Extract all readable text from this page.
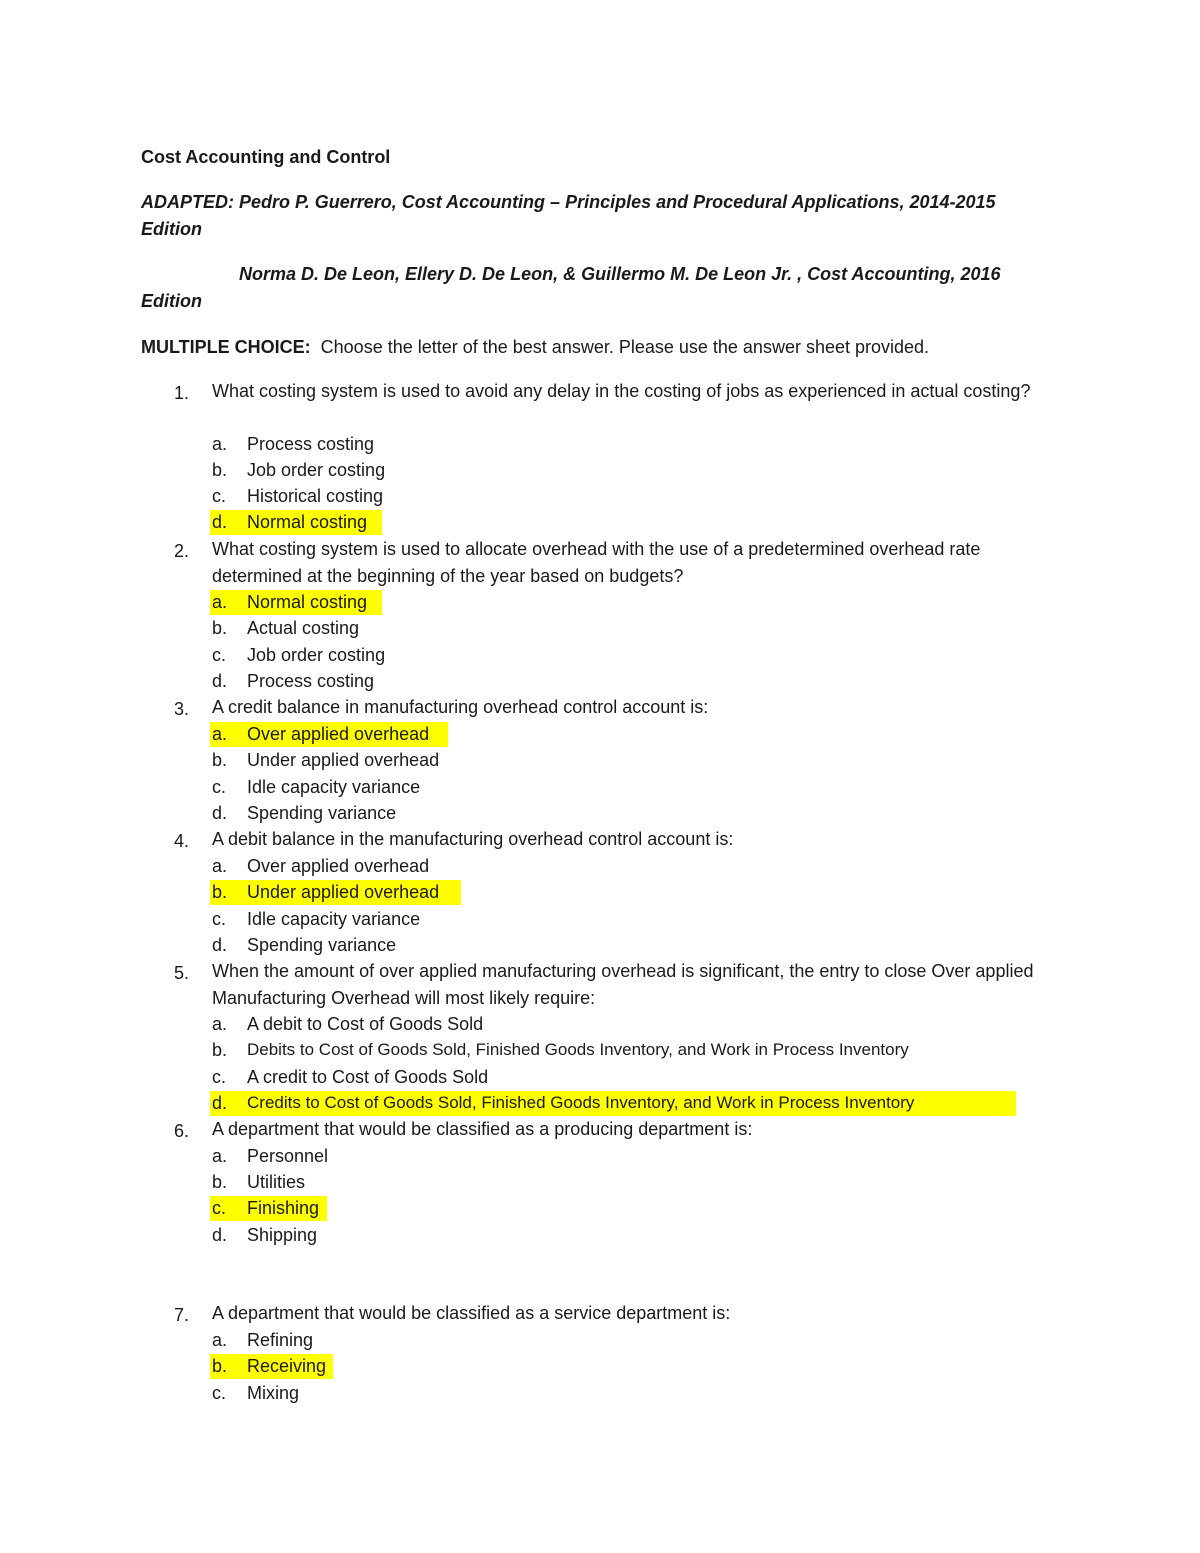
Cost Accounting and Control
ADAPTED: Pedro P. Guerrero, Cost Accounting – Principles and Procedural Applications, 2014-2015 Edition
Norma D. De Leon, Ellery D. De Leon, & Guillermo M. De Leon Jr. , Cost Accounting, 2016 Edition
MULTIPLE CHOICE:  Choose the letter of the best answer. Please use the answer sheet provided.
1. What costing system is used to avoid any delay in the costing of jobs as experienced in actual costing?
a. Process costing
b. Job order costing
c. Historical costing
d. Normal costing
2. What costing system is used to allocate overhead with the use of a predetermined overhead rate determined at the beginning of the year based on budgets?
a. Normal costing
b. Actual costing
c. Job order costing
d. Process costing
3. A credit balance in manufacturing overhead control account is:
a. Over applied overhead
b. Under applied overhead
c. Idle capacity variance
d. Spending variance
4. A debit balance in the manufacturing overhead control account is:
a. Over applied overhead
b. Under applied overhead
c. Idle capacity variance
d. Spending variance
5. When the amount of over applied manufacturing overhead is significant, the entry to close Over applied Manufacturing Overhead will most likely require:
a. A debit to Cost of Goods Sold
b. Debits to Cost of Goods Sold, Finished Goods Inventory, and Work in Process Inventory
c. A credit to Cost of Goods Sold
d. Credits to Cost of Goods Sold, Finished Goods Inventory, and Work in Process Inventory
6. A department that would be classified as a producing department is:
a. Personnel
b. Utilities
c. Finishing
d. Shipping
7. A department that would be classified as a service department is:
a. Refining
b. Receiving
c. Mixing
